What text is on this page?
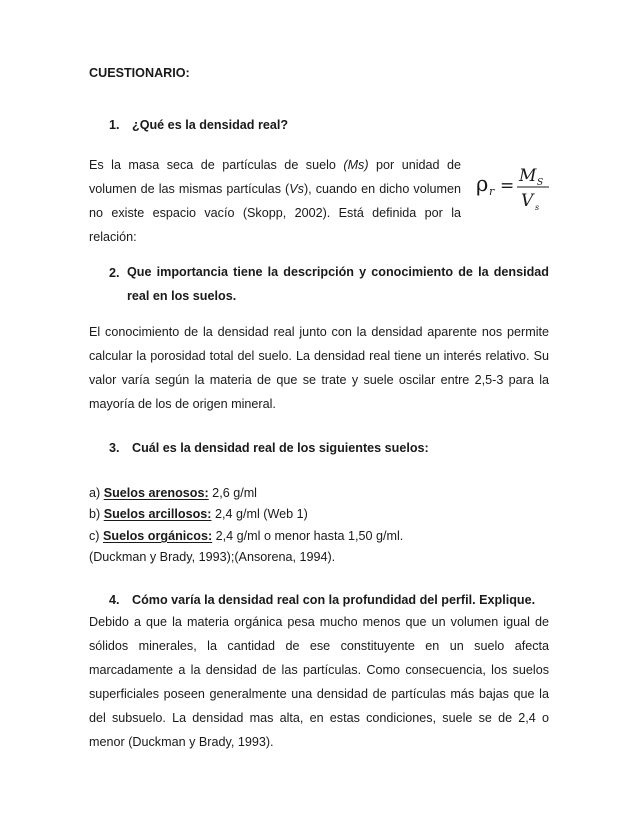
CUESTIONARIO:
1. ¿Qué es la densidad real?
Es la masa seca de partículas de suelo (Ms) por unidad de
volumen de las mismas partículas (Vs), cuando en dicho volumen
no existe espacio vacío (Skopp, 2002). Está definida por la
relación:
ρ r = M S
V s
2. Que importancia tiene la descripción y conocimiento de la densidad
real en los suelos.
El conocimiento de la densidad real junto con la densidad aparente nos permite
calcular la porosidad total del suelo. La densidad real tiene un interés relativo. Su
valor varía según la materia de que se trate y suele oscilar entre 2,5-3 para la
mayoría de los de origen mineral.
3. Cuál es la densidad real de los siguientes suelos:
a) Suelos arenosos: 2,6 g/ml
b) Suelos arcillosos: 2,4 g/ml (Web 1)
c) Suelos orgánicos: 2,4 g/ml o menor hasta 1,50 g/ml.
(Duckman y Brady, 1993);(Ansorena, 1994).
4. Cómo varía la densidad real con la profundidad del perfil. Explique.
Debido a que la materia orgánica pesa mucho menos que un volumen igual de
sólidos minerales, la cantidad de ese constituyente en un suelo afecta
marcadamente a la densidad de las partículas. Como consecuencia, los suelos
superficiales poseen generalmente una densidad de partículas más bajas que la
del subsuelo. La densidad mas alta, en estas condiciones, suele se de 2,4 o
menor (Duckman y Brady, 1993).
